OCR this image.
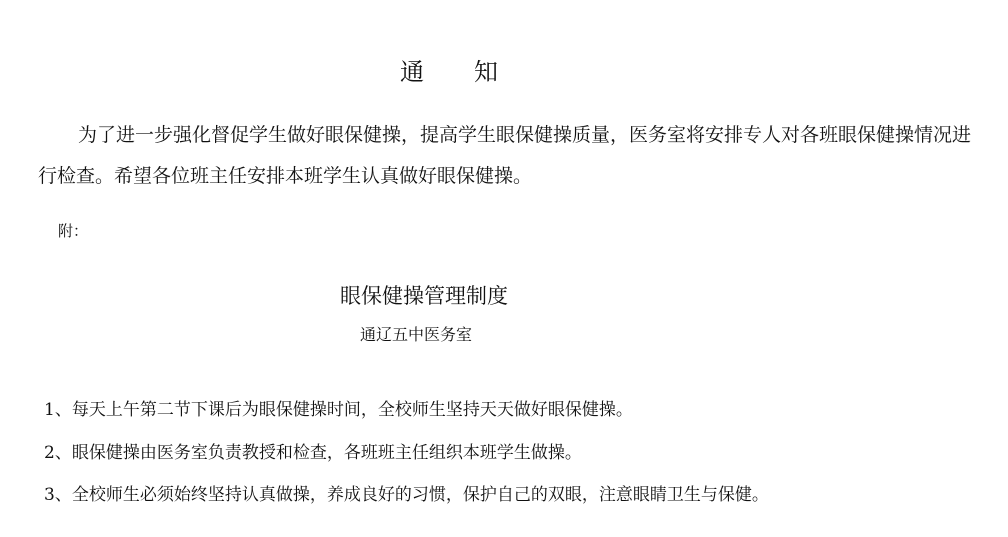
通 知

为了进一步强化督促学生做好眼保健操，提高学生眼保健操质量，医务室将安排专人对各班眼保健操情况进行检查。希望各位班主任安排本班学生认真做好眼保健操。

附：
眼保健操管理制度
通辽五中医务室
1、每天上午第二节下课后为眼保健操时间，全校师生坚持天天做好眼保健操。
2、眼保健操由医务室负责教授和检查，各班班主任组织本班学生做操。
3、全校师生必须始终坚持认真做操，养成良好的习惯，保护自己的双眼，注意眼睛卫生与保健。
